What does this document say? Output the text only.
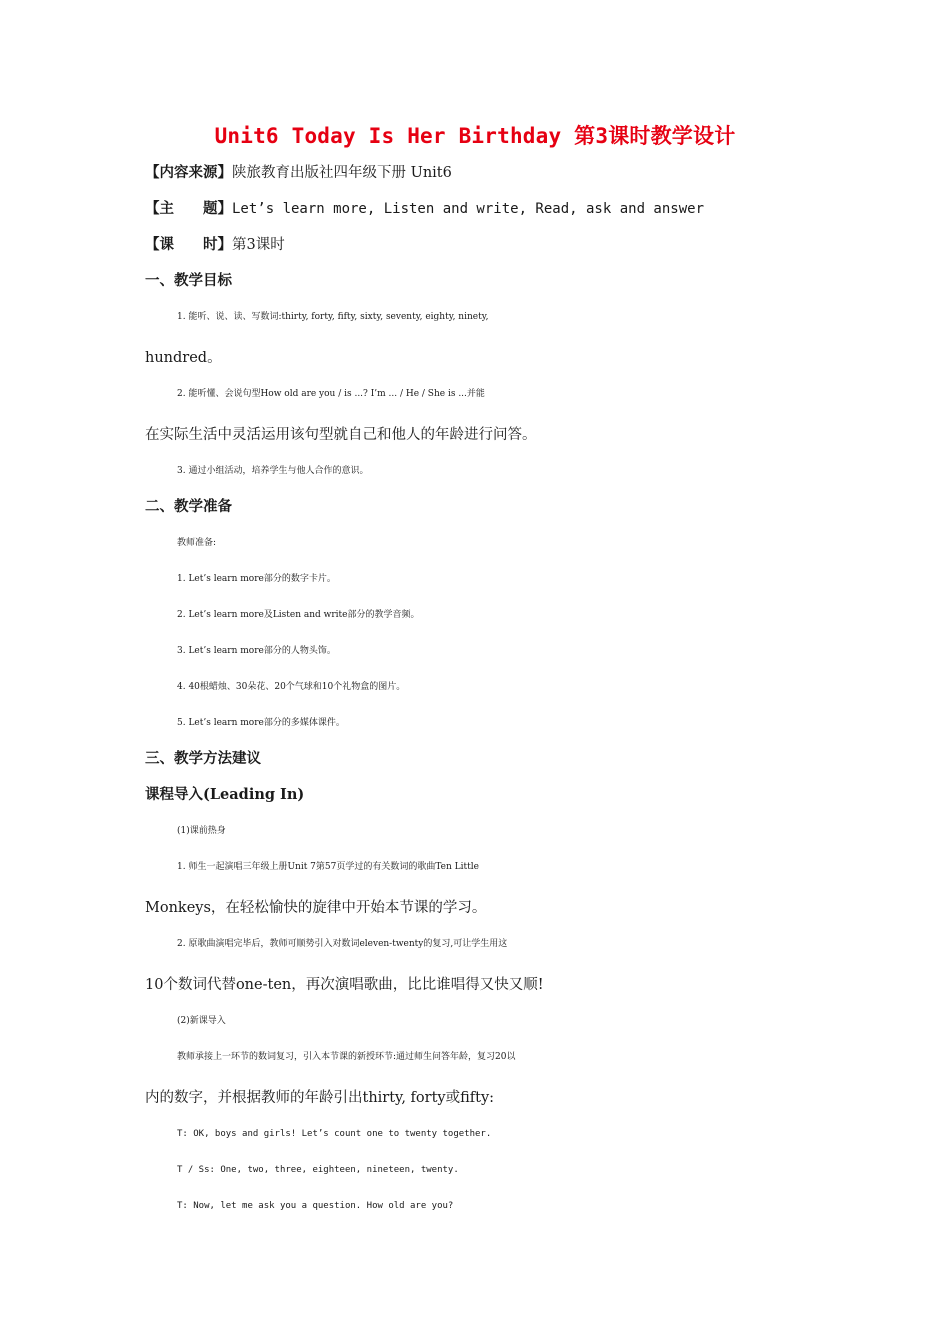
Unit6 Today Is Her Birthday 第3课时教学设计
【内容来源】陕旅教育出版社四年级下册 Unit6
【主　　题】Let’s learn more, Listen and write, Read, ask and answer
【课　　时】第3课时
一、教学目标
1. 能听、说、读、写数词:thirty, forty, fifty, sixty, seventy, eighty, ninety,
hundred。
2. 能听懂、会说句型How old are you / is ...? I’m ... / He / She is ...并能
在实际生活中灵活运用该句型就自己和他人的年龄进行问答。
3. 通过小组活动，培养学生与他人合作的意识。
二、教学准备
教师准备:
1. Let’s learn more部分的数字卡片。
2. Let’s learn more及Listen and write部分的教学音频。
3. Let’s learn more部分的人物头饰。
4. 40根蜡烛、30朵花、20个气球和10个礼物盒的图片。
5. Let’s learn more部分的多媒体课件。
三、教学方法建议
课程导入(Leading In)
(1)课前热身
1. 师生一起演唱三年级上册Unit 7第57页学过的有关数词的歌曲Ten Little
Monkeys，在轻松愉快的旋律中开始本节课的学习。
2. 原歌曲演唱完毕后，教师可顺势引入对数词eleven-twenty的复习,可让学生用这
10个数词代替one-ten，再次演唱歌曲，比比谁唱得又快又顺!
(2)新课导入
教师承接上一环节的数词复习，引入本节课的新授环节:通过师生问答年龄，复习20以
内的数字，并根据教师的年龄引出thirty, forty或fifty:
T: OK, boys and girls! Let’s count one to twenty together.
T / Ss: One, two, three, eighteen, nineteen, twenty.
T: Now, let me ask you a question. How old are you?
